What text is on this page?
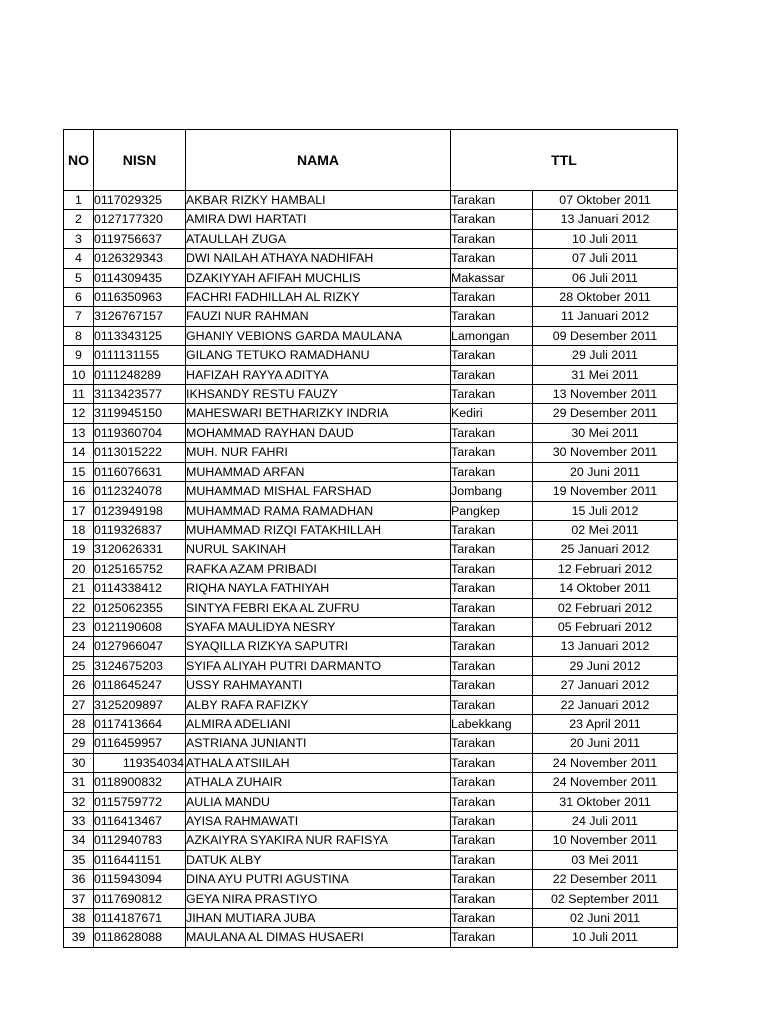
NO	NISN	NAMA	TTL	
1	0117029325	AKBAR RIZKY HAMBALI	Tarakan	07 Oktober 2011
2	0127177320	AMIRA DWI HARTATI	Tarakan	13 Januari 2012
3	0119756637	ATAULLAH ZUGA	Tarakan	10 Juli 2011
4	0126329343	DWI NAILAH ATHAYA NADHIFAH	Tarakan	07 Juli 2011
5	0114309435	DZAKIYYAH AFIFAH MUCHLIS	Makassar	06 Juli 2011
6	0116350963	FACHRI FADHILLAH AL RIZKY	Tarakan	28 Oktober 2011
7	3126767157	FAUZI NUR RAHMAN	Tarakan	11 Januari 2012
8	0113343125	GHANIY VEBIONS GARDA MAULANA	Lamongan	09 Desember 2011
9	0111131155	GILANG TETUKO RAMADHANU	Tarakan	29 Juli 2011
10	0111248289	HAFIZAH RAYYA ADITYA	Tarakan	31 Mei 2011
11	3113423577	IKHSANDY RESTU FAUZY	Tarakan	13 November 2011
12	3119945150	MAHESWARI BETHARIZKY INDRIA	Kediri	29 Desember 2011
13	0119360704	MOHAMMAD RAYHAN DAUD	Tarakan	30 Mei 2011
14	0113015222	MUH. NUR FAHRI	Tarakan	30 November 2011
15	0116076631	MUHAMMAD ARFAN	Tarakan	20 Juni 2011
16	0112324078	MUHAMMAD MISHAL FARSHAD	Jombang	19 November 2011
17	0123949198	MUHAMMAD RAMA RAMADHAN	Pangkep	15 Juli 2012
18	0119326837	MUHAMMAD RIZQI FATAKHILLAH	Tarakan	02 Mei 2011
19	3120626331	NURUL SAKINAH	Tarakan	25 Januari 2012
20	0125165752	RAFKA AZAM PRIBADI	Tarakan	12 Februari 2012
21	0114338412	RIQHA NAYLA FATHIYAH	Tarakan	14 Oktober 2011
22	0125062355	SINTYA FEBRI EKA AL ZUFRU	Tarakan	02 Februari 2012
23	0121190608	SYAFA MAULIDYA NESRY	Tarakan	05 Februari 2012
24	0127966047	SYAQILLA RIZKYA SAPUTRI	Tarakan	13 Januari 2012
25	3124675203	SYIFA ALIYAH PUTRI DARMANTO	Tarakan	29 Juni 2012
26	0118645247	USSY RAHMAYANTI	Tarakan	27 Januari 2012
27	3125209897	ALBY RAFA RAFIZKY	Tarakan	22 Januari 2012
28	0117413664	ALMIRA ADELIANI	Labekkang	23 April 2011
29	0116459957	ASTRIANA JUNIANTI	Tarakan	20 Juni 2011
30	119354034	ATHALA ATSIILAH	Tarakan	24 November 2011
31	0118900832	ATHALA ZUHAIR	Tarakan	24 November 2011
32	0115759772	AULIA MANDU	Tarakan	31 Oktober 2011
33	0116413467	AYISA RAHMAWATI	Tarakan	24 Juli 2011
34	0112940783	AZKAIYRA SYAKIRA NUR RAFISYA	Tarakan	10 November 2011
35	0116441151	DATUK ALBY	Tarakan	03 Mei 2011
36	0115943094	DINA AYU PUTRI AGUSTINA	Tarakan	22 Desember 2011
37	0117690812	GEYA NIRA PRASTIYO	Tarakan	02 September 2011
38	0114187671	JIHAN MUTIARA JUBA	Tarakan	02 Juni 2011
39	0118628088	MAULANA AL DIMAS HUSAERI	Tarakan	10 Juli 2011
